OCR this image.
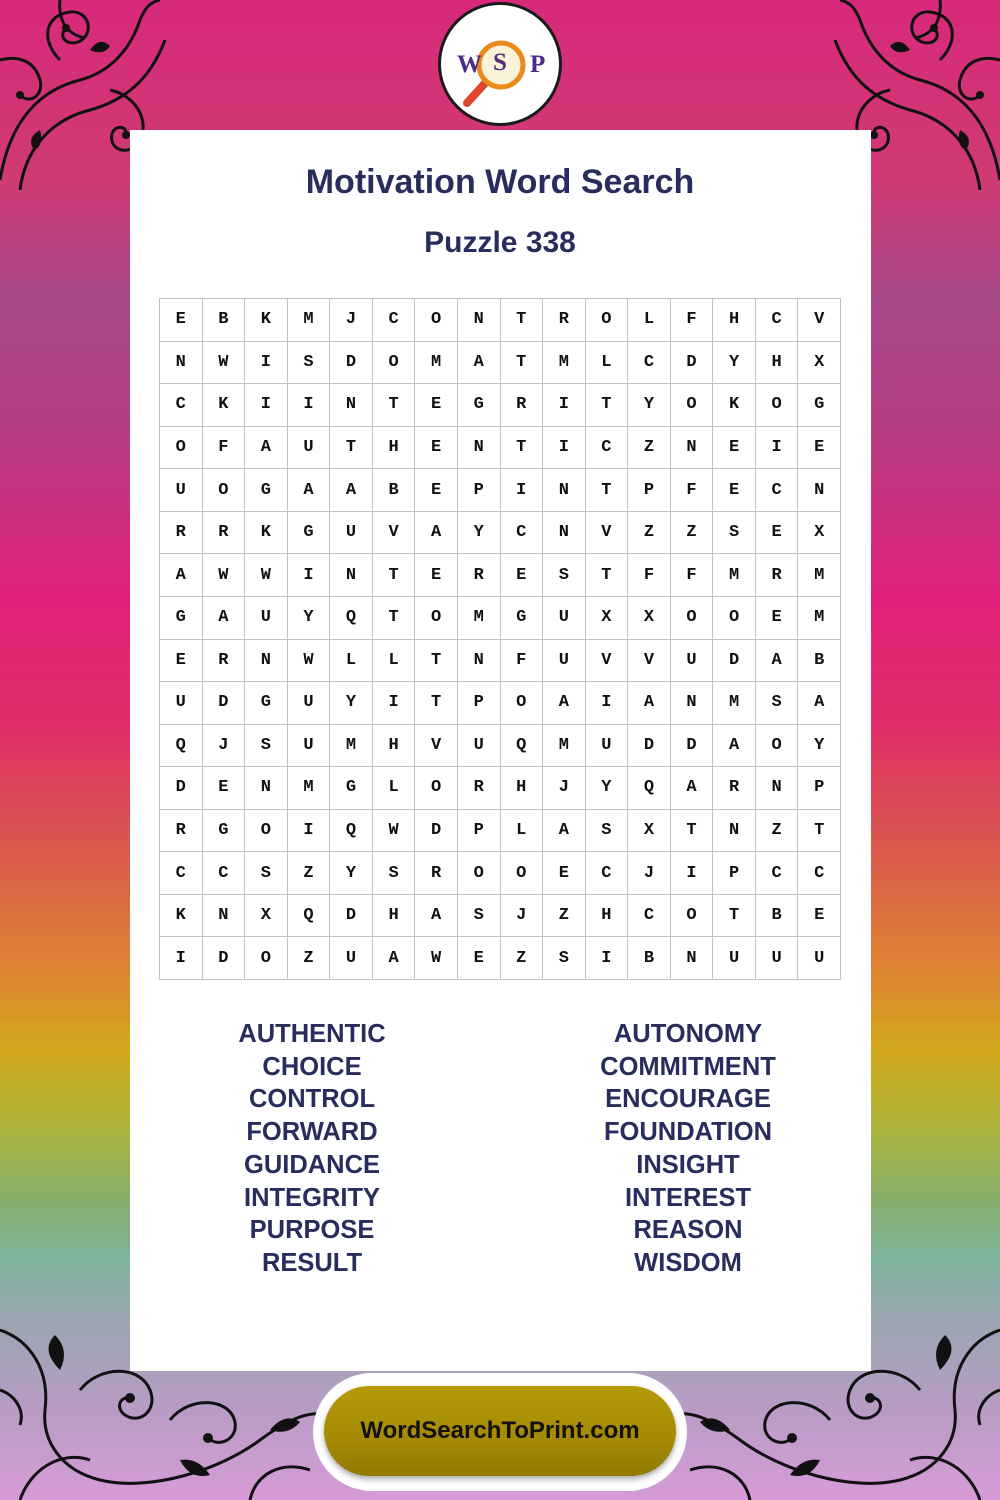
W S P
Motivation Word Search
Puzzle 338
E	B	K	M	J	C	O	N	T	R	O	L	F	H	C	V
N	W	I	S	D	O	M	A	T	M	L	C	D	Y	H	X
C	K	I	I	N	T	E	G	R	I	T	Y	O	K	O	G
O	F	A	U	T	H	E	N	T	I	C	Z	N	E	I	E
U	O	G	A	A	B	E	P	I	N	T	P	F	E	C	N
R	R	K	G	U	V	A	Y	C	N	V	Z	Z	S	E	X
A	W	W	I	N	T	E	R	E	S	T	F	F	M	R	M
G	A	U	Y	Q	T	O	M	G	U	X	X	O	O	E	M
E	R	N	W	L	L	T	N	F	U	V	V	U	D	A	B
U	D	G	U	Y	I	T	P	O	A	I	A	N	M	S	A
Q	J	S	U	M	H	V	U	Q	M	U	D	D	A	O	Y
D	E	N	M	G	L	O	R	H	J	Y	Q	A	R	N	P
R	G	O	I	Q	W	D	P	L	A	S	X	T	N	Z	T
C	C	S	Z	Y	S	R	O	O	E	C	J	I	P	C	C
K	N	X	Q	D	H	A	S	J	Z	H	C	O	T	B	E
I	D	O	Z	U	A	W	E	Z	S	I	B	N	U	U	U
AUTHENTIC
CHOICE
CONTROL
FORWARD
GUIDANCE
INTEGRITY
PURPOSE
RESULT
AUTONOMY
COMMITMENT
ENCOURAGE
FOUNDATION
INSIGHT
INTEREST
REASON
WISDOM
WordSearchToPrint.com
